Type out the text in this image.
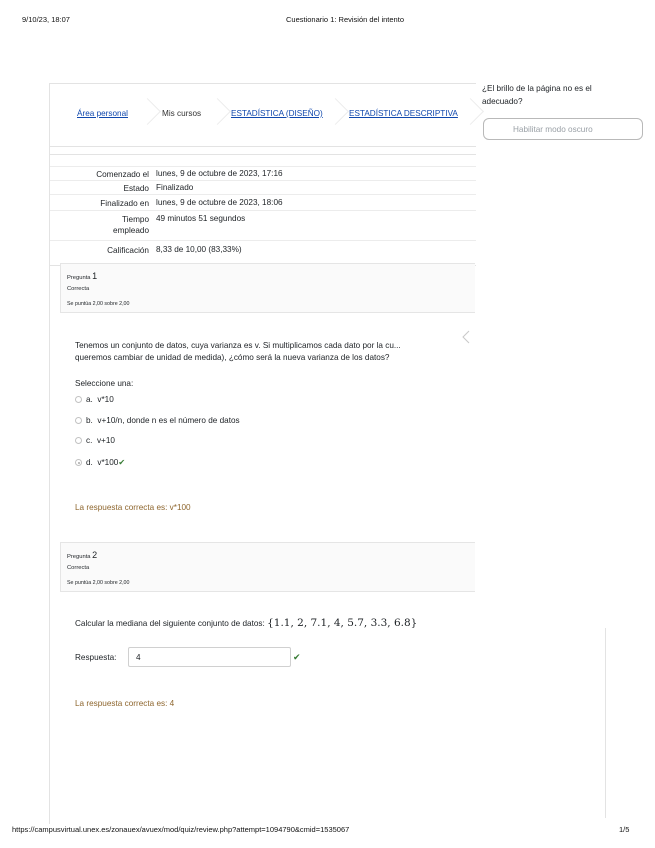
9/10/23, 18:07	Cuestionario 1: Revisión del intento
Área personal	Mis cursos	ESTADÍSTICA (DISEÑO)	ESTADÍSTICA DESCRIPTIVA
¿El brillo de la página no es el adecuado?
Habilitar modo oscuro
Comenzado el lunes, 9 de octubre de 2023, 17:16
Estado Finalizado
Finalizado en lunes, 9 de octubre de 2023, 18:06
Tiempo empleado
49 minutos 51 segundos
Calificación 8,33 de 10,00 (83,33%)
Pregunta 1
Correcta
Se puntúa 2,00 sobre 2,00
Tenemos un conjunto de datos, cuya varianza es v. Si multiplicamos cada dato por la cu...
queremos cambiar de unidad de medida), ¿cómo será la nueva varianza de los datos?
Seleccione una:
a. v*10
b. v+10/n, donde n es el número de datos
c. v+10
d. v*100✔
La respuesta correcta es: v*100
Pregunta 2
Correcta
Se puntúa 2,00 sobre 2,00
Calcular la mediana del siguiente conjunto de datos: {1.1, 2, 7.1, 4, 5.7, 3.3, 6.8}
Respuesta:	4	✔
La respuesta correcta es: 4
https://campusvirtual.unex.es/zonauex/avuex/mod/quiz/review.php?attempt=1094790&cmid=1535067	1/5
